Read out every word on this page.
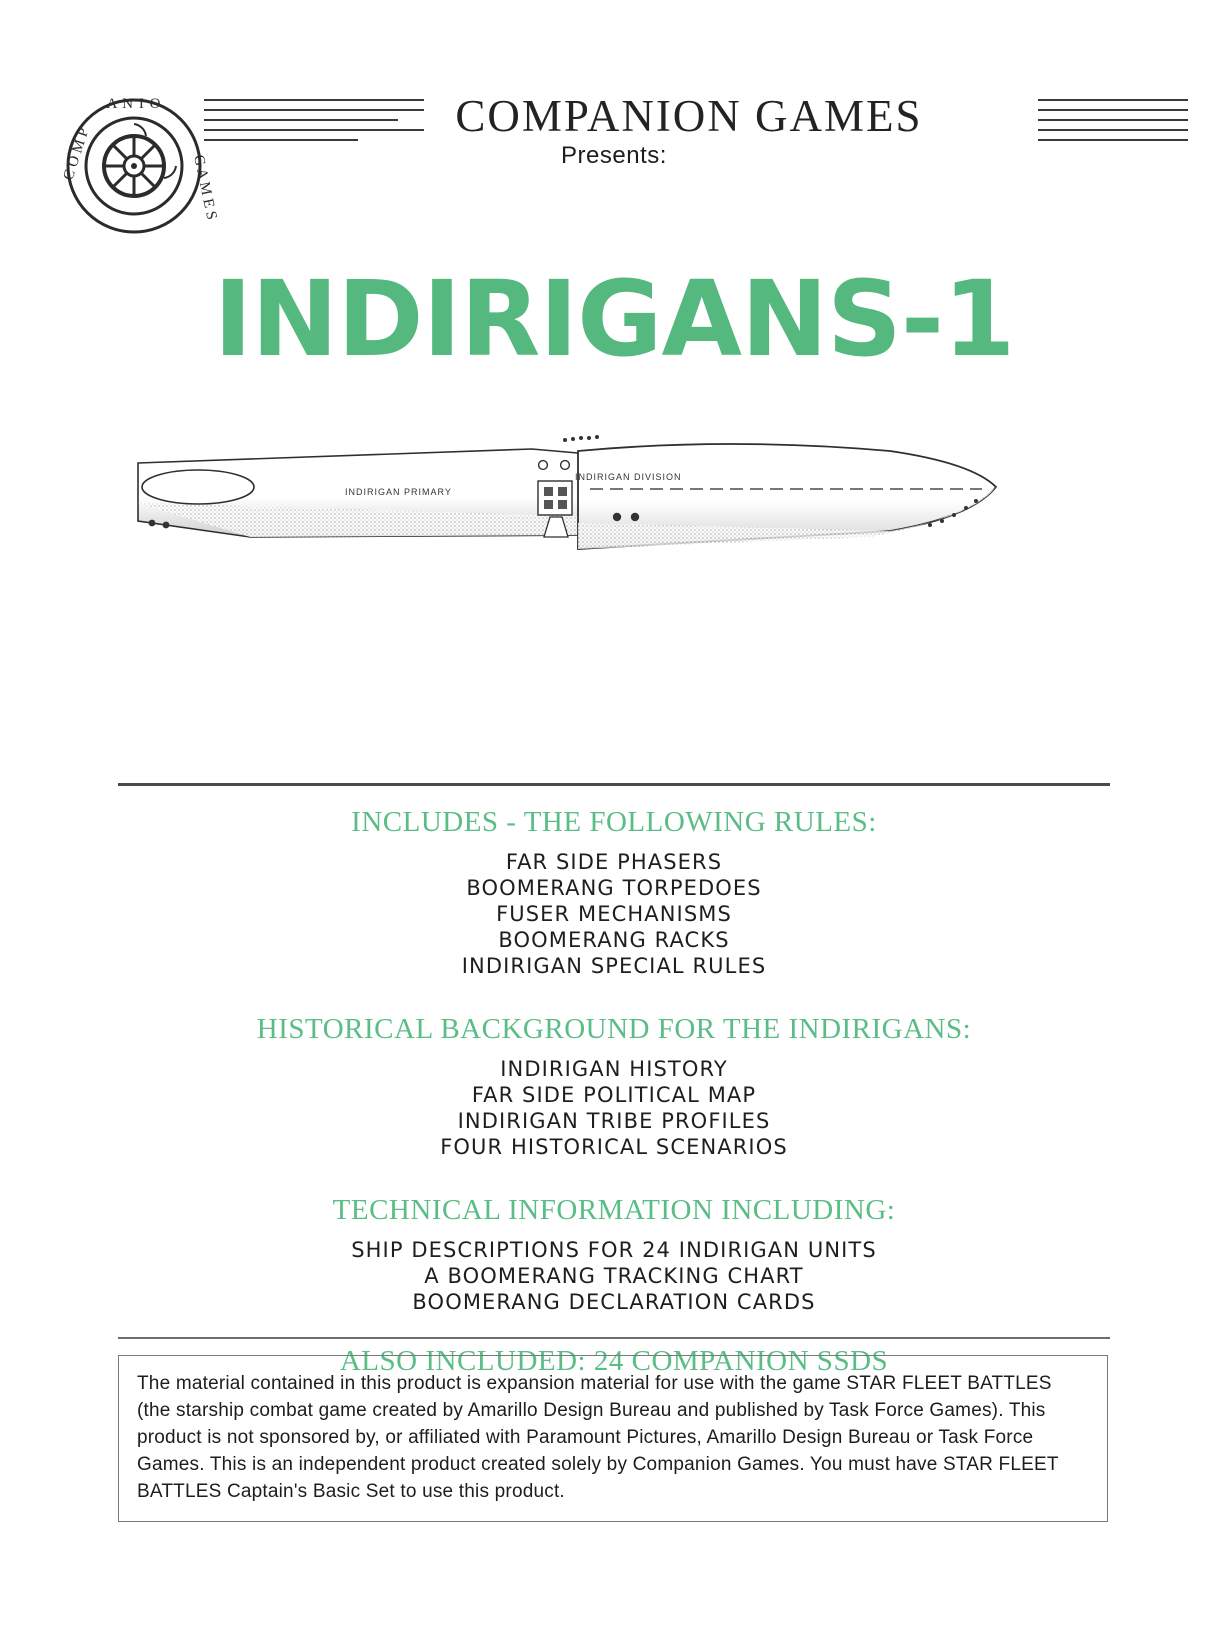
A N I O
C O M P	G A M E S
COMPANION GAMES
Presents:
INDIRIGANS-1
INDIRIGAN PRIMARY
INDIRIGAN DIVISION
INCLUDES - THE FOLLOWING RULES:
FAR SIDE PHASERS
BOOMERANG TORPEDOES
FUSER MECHANISMS
BOOMERANG RACKS
INDIRIGAN SPECIAL RULES
HISTORICAL BACKGROUND FOR THE INDIRIGANS:
INDIRIGAN HISTORY
FAR SIDE POLITICAL MAP
INDIRIGAN TRIBE PROFILES
FOUR HISTORICAL SCENARIOS
TECHNICAL INFORMATION INCLUDING:
SHIP DESCRIPTIONS FOR 24 INDIRIGAN UNITS
A BOOMERANG TRACKING CHART
BOOMERANG DECLARATION CARDS
ALSO INCLUDED: 24 COMPANION SSDS

The material contained in this product is expansion material for use with the game STAR FLEET BATTLES (the starship combat game created by Amarillo Design Bureau and published by Task Force Games). This product is not sponsored by, or affiliated with Paramount Pictures, Amarillo Design Bureau or Task Force Games. This is an independent product created solely by Companion Games. You must have STAR FLEET BATTLES Captain's Basic Set to use this product.
